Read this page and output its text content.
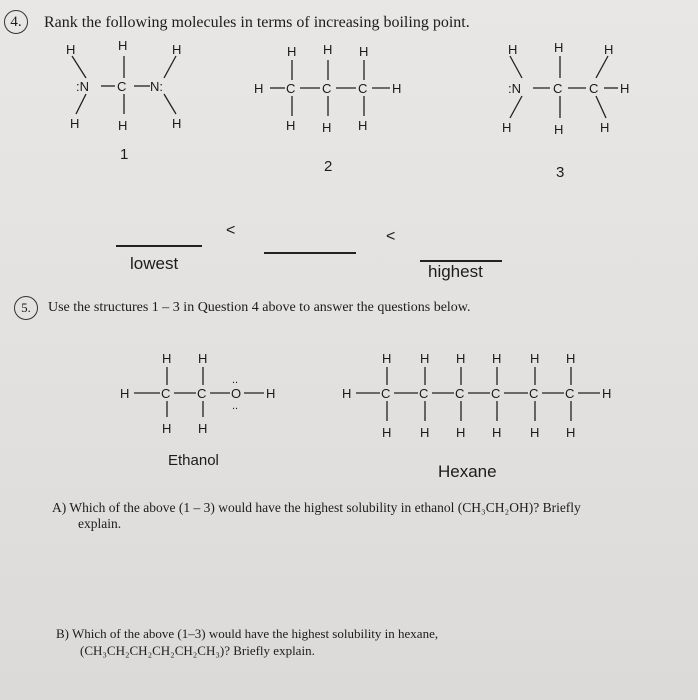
4.	Rank the following molecules in terms of increasing boiling point.
H	H	H
:N C N:
H	H	H
H H H
H C C C H
H H H
H	H	H
:N C C H
H	H	H
1
2	3
<	<
lowest	highest
5.	Use the structures 1 – 3 in Question 4 above to answer the questions below.
H H
H C C O H
..
..
H H
H H H H H H
H C C C C C C H
H H H H H H
Ethanol
Hexane
A) Which of the above (1 – 3) would have the highest solubility in ethanol (CH₃CH₂OH)? Briefly
explain.
B) Which of the above (1–3) would have the highest solubility in hexane,
(CH₃CH₂CH₂CH₂CH₂CH₃)? Briefly explain.
